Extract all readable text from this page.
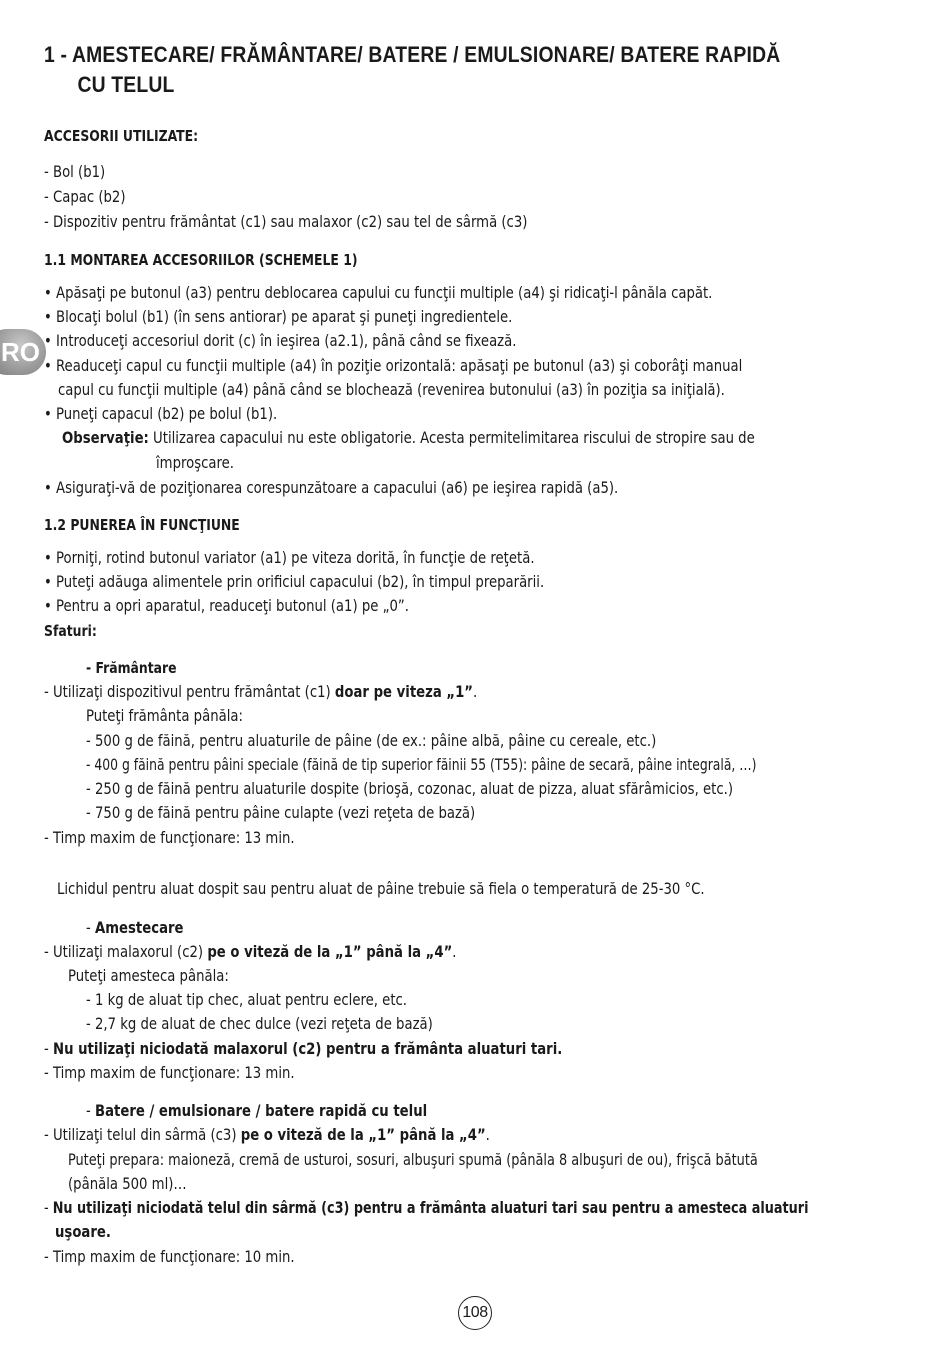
1 - AMESTECARE/ FRĂMÂNTARE/ BATERE / EMULSIONARE/ BATERE RAPIDĂ
CU TELUL
ACCESORII UTILIZATE:
- Bol (b1)
- Capac (b2)
- Dispozitiv pentru frământat (c1) sau malaxor (c2) sau tel de sârmă (c3)
1.1 MONTAREA ACCESORIILOR (SCHEMELE 1)
• Apăsaţi pe butonul (a3) pentru deblocarea capului cu funcţii multiple (a4) şi ridicaţi-l pânăla capăt.
• Blocaţi bolul (b1) (în sens antiorar) pe aparat şi puneţi ingredientele.
• Introduceţi accesoriul dorit (c) în ieşirea (a2.1), până când se fixează.
• Readuceţi capul cu funcţii multiple (a4) în poziţie orizontală: apăsaţi pe butonul (a3) şi coborâţi manual
capul cu funcţii multiple (a4) până când se blochează (revenirea butonului (a3) în poziţia sa iniţială).
• Puneţi capacul (b2) pe bolul (b1).
Observaţie: Utilizarea capacului nu este obligatorie. Acesta permitelimitarea riscului de stropire sau de
împroşcare.
• Asiguraţi-vă de poziţionarea corespunzătoare a capacului (a6) pe ieşirea rapidă (a5).
1.2 PUNEREA ÎN FUNCŢIUNE
• Porniţi, rotind butonul variator (a1) pe viteza dorită, în funcţie de reţetă.
• Puteţi adăuga alimentele prin orificiul capacului (b2), în timpul preparării.
• Pentru a opri aparatul, readuceţi butonul (a1) pe „0”.
Sfaturi:
- Frământare
- Utilizaţi dispozitivul pentru frământat (c1) doar pe viteza „1”.
Puteţi frământa pânăla:
- 500 g de făină, pentru aluaturile de pâine (de ex.: pâine albă, pâine cu cereale, etc.)
- 400 g făină pentru pâini speciale (făină de tip superior făinii 55 (T55): pâine de secară, pâine integrală, …)
- 250 g de făină pentru aluaturile dospite (brioşă, cozonac, aluat de pizza, aluat sfărâmicios, etc.)
- 750 g de făină pentru pâine culapte (vezi reţeta de bază)
- Timp maxim de funcţionare: 13 min.
Lichidul pentru aluat dospit sau pentru aluat de pâine trebuie să fiela o temperatură de 25-30 °C.
- Amestecare
- Utilizaţi malaxorul (c2) pe o viteză de la „1” până la „4”.
Puteţi amesteca pânăla:
- 1 kg de aluat tip chec, aluat pentru eclere, etc.
- 2,7 kg de aluat de chec dulce (vezi reţeta de bază)
- Nu utilizaţi niciodată malaxorul (c2) pentru a frământa aluaturi tari.
- Timp maxim de funcţionare: 13 min.
- Batere / emulsionare / batere rapidă cu telul
- Utilizaţi telul din sârmă (c3) pe o viteză de la „1” până la „4”.
Puteţi prepara: maioneză, cremă de usturoi, sosuri, albuşuri spumă (pânăla 8 albuşuri de ou), frişcă bătută
(pânăla 500 ml)…
- Nu utilizaţi niciodată telul din sârmă (c3) pentru a frământa aluaturi tari sau pentru a amesteca aluaturi
uşoare.
- Timp maxim de funcţionare: 10 min.
RO
108
